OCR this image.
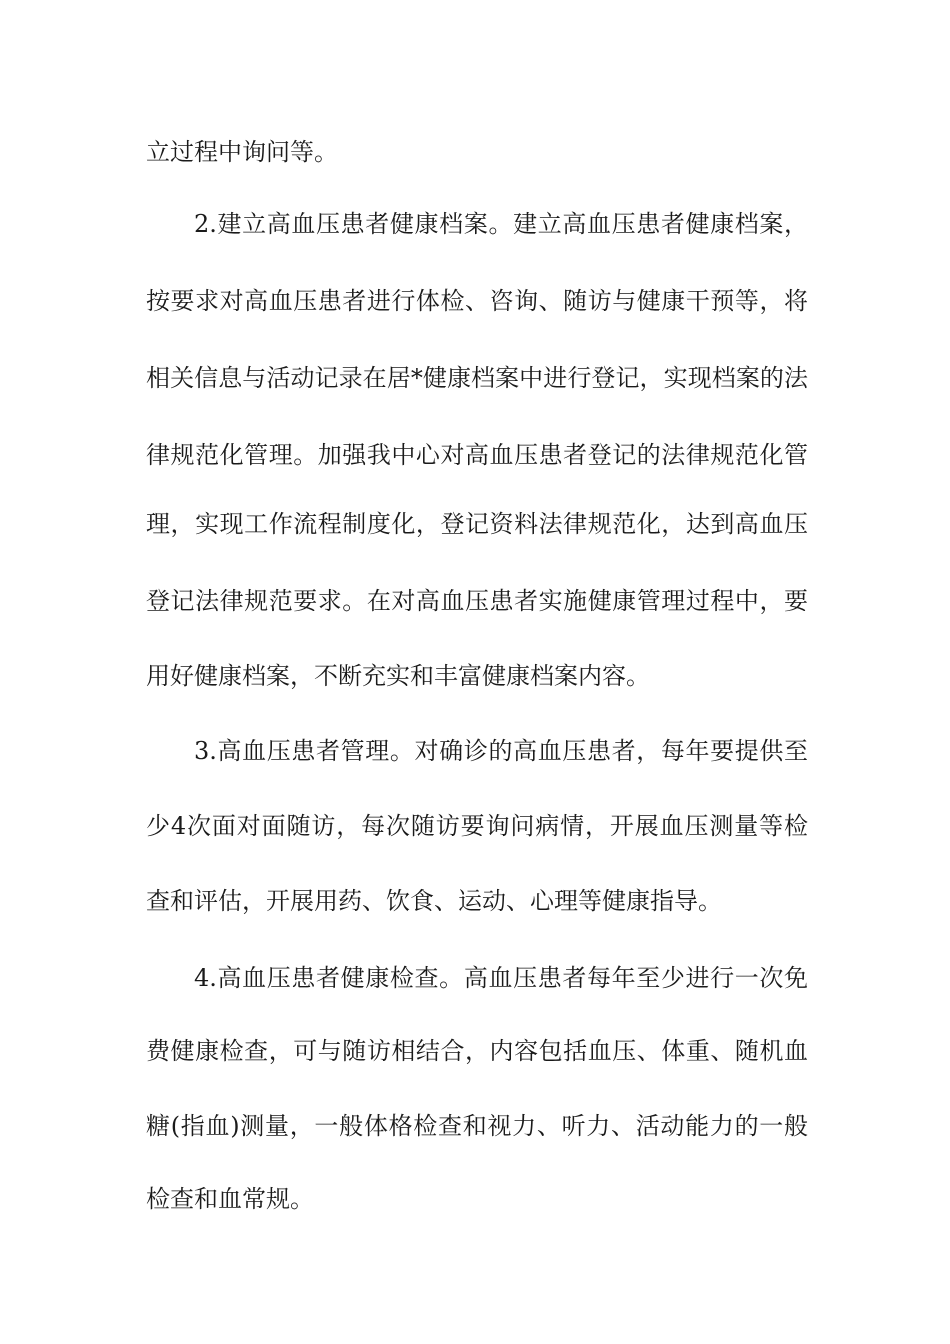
立过程中询问等。
2.建立高血压患者健康档案。建立高血压患者健康档案，
按要求对高血压患者进行体检、咨询、随访与健康干预等，将
相关信息与活动记录在居*健康档案中进行登记，实现档案的法
律规范化管理。加强我中心对高血压患者登记的法律规范化管
理，实现工作流程制度化，登记资料法律规范化，达到高血压
登记法律规范要求。在对高血压患者实施健康管理过程中，要
用好健康档案，不断充实和丰富健康档案内容。
3.高血压患者管理。对确诊的高血压患者，每年要提供至
少4次面对面随访，每次随访要询问病情，开展血压测量等检
查和评估，开展用药、饮食、运动、心理等健康指导。
4.高血压患者健康检查。高血压患者每年至少进行一次免
费健康检查，可与随访相结合，内容包括血压、体重、随机血
糖(指血)测量，一般体格检查和视力、听力、活动能力的一般
检查和血常规。
